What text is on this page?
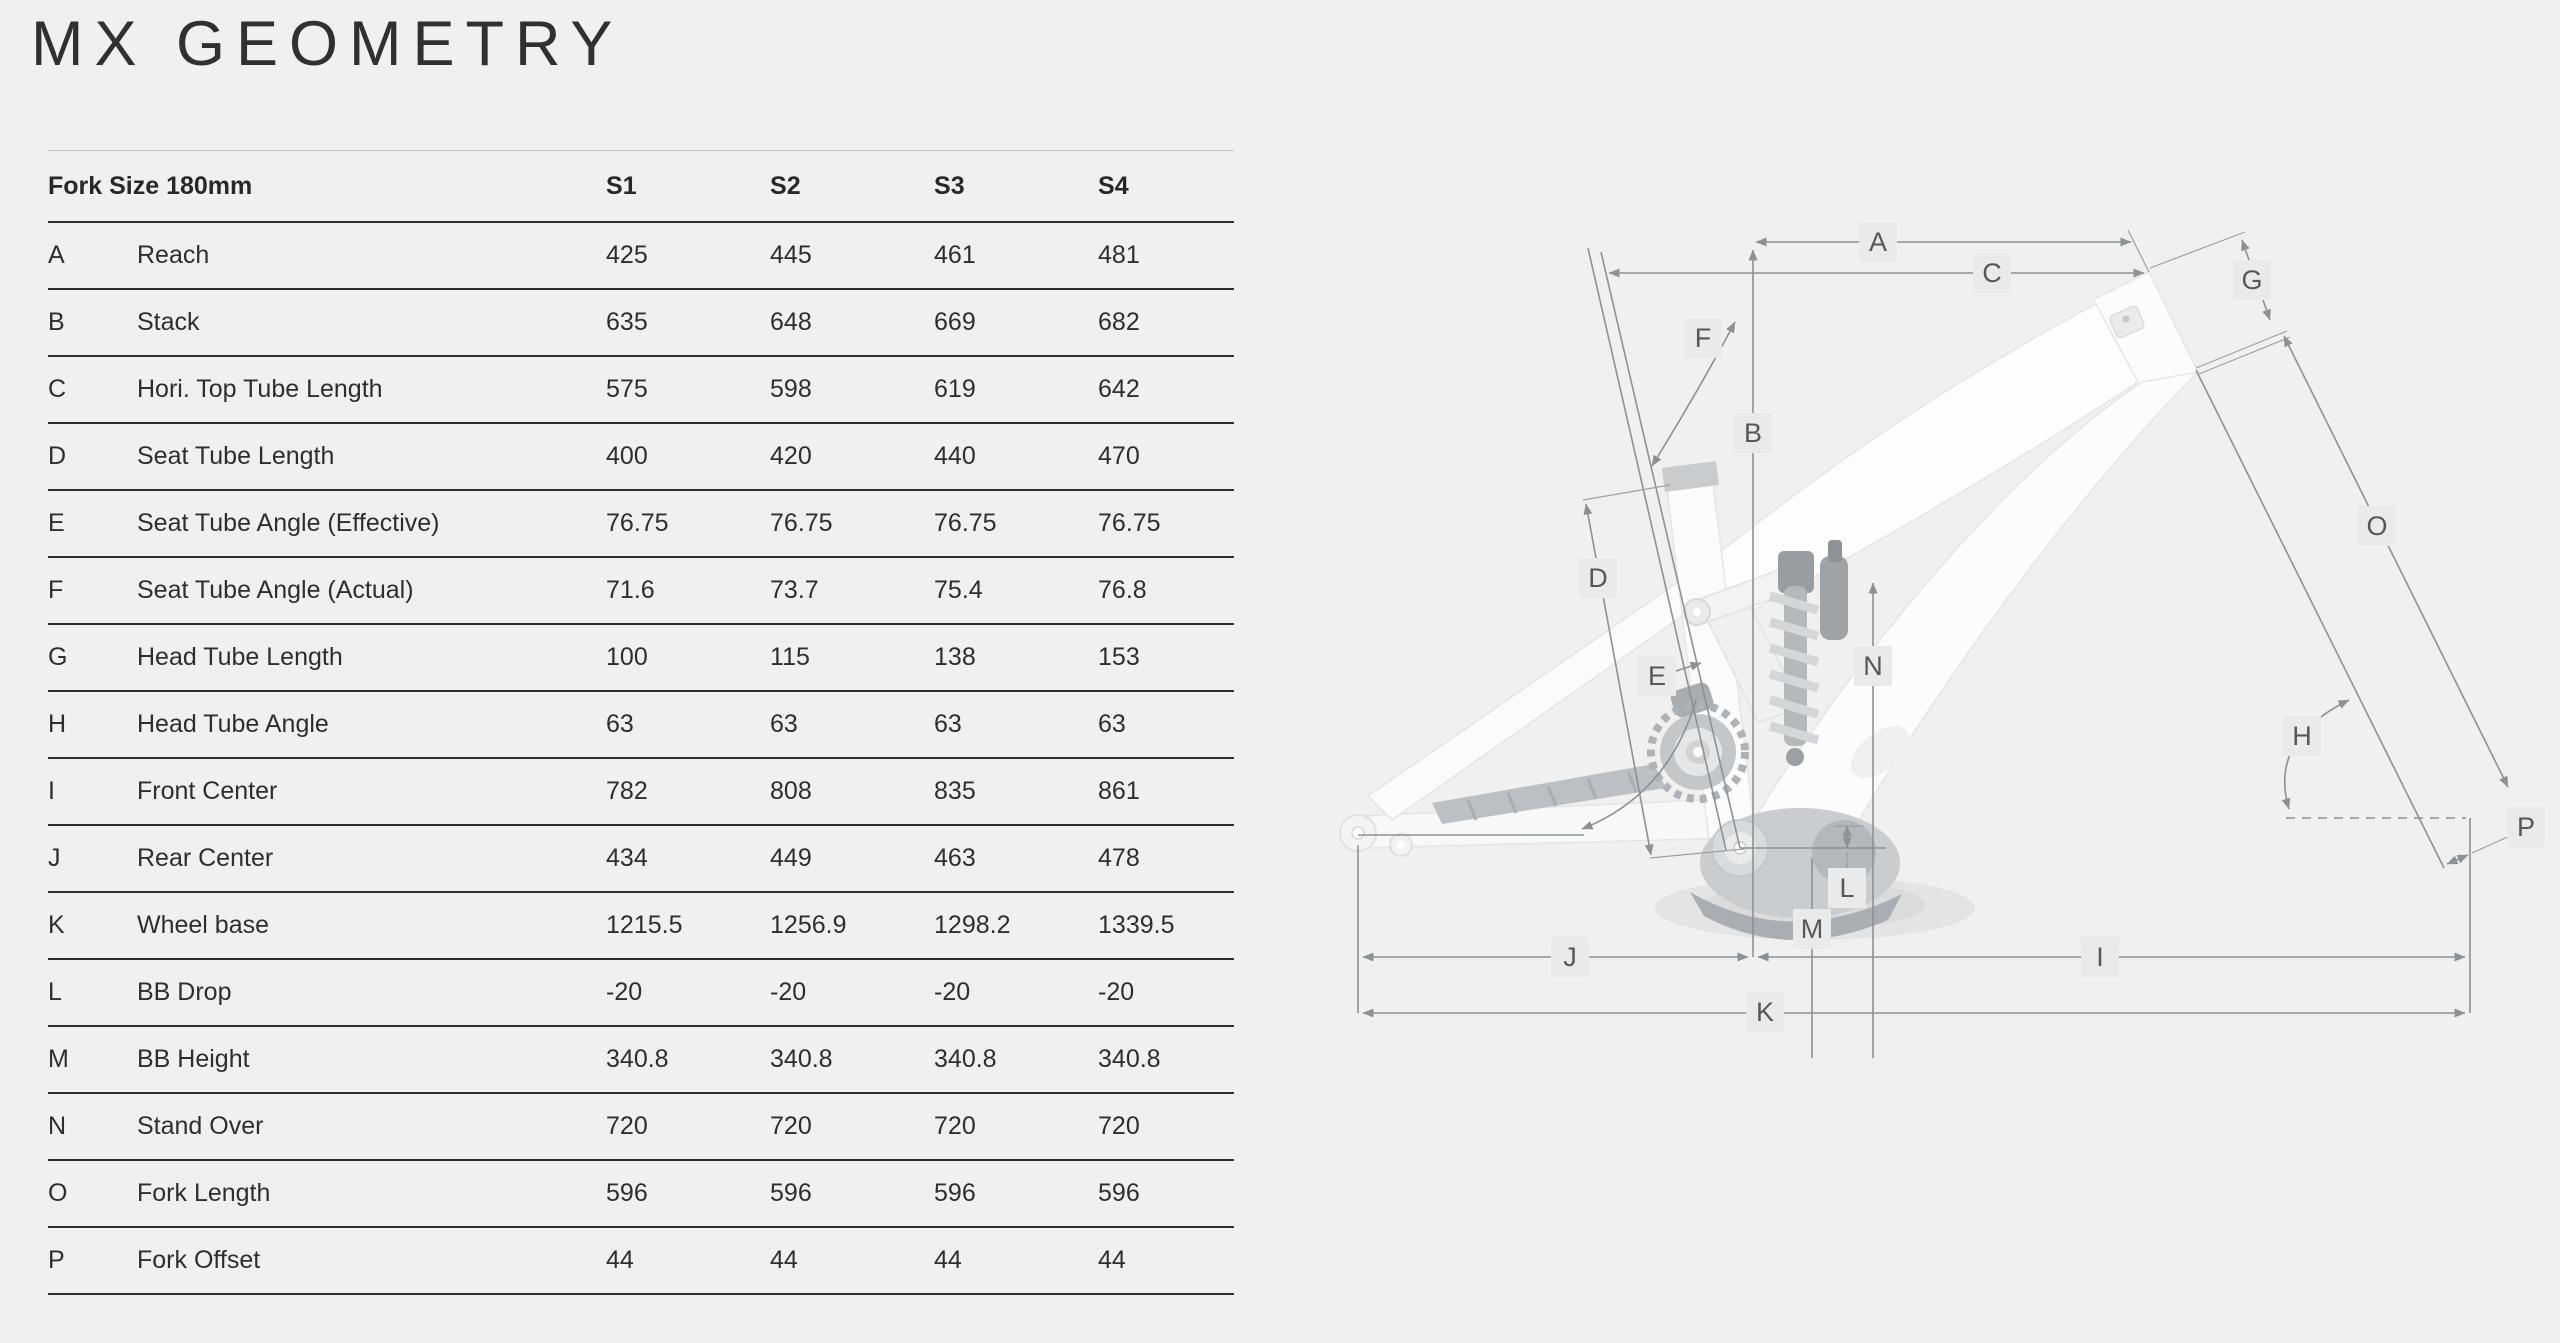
MX GEOMETRY
Fork Size 180mm		S1	S2	S3	S4
A	Reach	425	445	461	481
B	Stack	635	648	669	682
C	Hori. Top Tube Length	575	598	619	642
D	Seat Tube Length	400	420	440	470
E	Seat Tube Angle (Effective)	76.75	76.75	76.75	76.75
F	Seat Tube Angle (Actual)	71.6	73.7	75.4	76.8
G	Head Tube Length	100	115	138	153
H	Head Tube Angle	63	63	63	63
I	Front Center	782	808	835	861
J	Rear Center	434	449	463	478
K	Wheel base	1215.5	1256.9	1298.2	1339.5
L	BB Drop	-20	-20	-20	-20
M	BB Height	340.8	340.8	340.8	340.8
N	Stand Over	720	720	720	720
O	Fork Length	596	596	596	596
P	Fork Offset	44	44	44	44
A
C	G
F
B
O
D
N
E
H
P
L
M
J	I
K
